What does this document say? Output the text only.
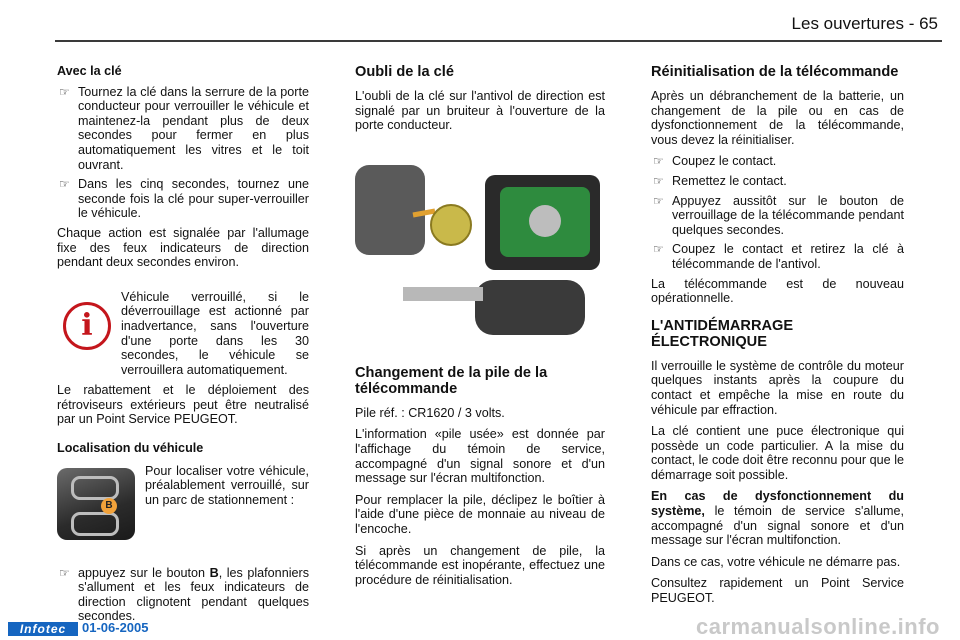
Les ouvertures - 65
Avec la clé
☞ Tournez la clé dans la serrure de la porte conducteur pour verrouiller le véhicule et maintenez-la pendant plus de deux secondes pour fermer en plus automatiquement les vitres et le toit ouvrant.
☞ Dans les cinq secondes, tournez une seconde fois la clé pour super-verrouiller le véhicule.

Chaque action est signalée par l'allumage fixe des feux indicateurs de direction pendant deux secondes environ.

i

Véhicule verrouillé, si le déverrouillage est actionné par inadvertance, sans l'ouverture d'une porte dans les 30 secondes, le véhicule se verrouillera automatiquement.

Le rabattement et le déploiement des rétroviseurs extérieurs peut être neutralisé par un Point Service PEUGEOT.

Localisation du véhicule
B

Pour localiser votre véhicule, préalablement verrouillé, sur un parc de stationnement :

☞ appuyez sur le bouton B, les plafonniers s'allument et les feux indicateurs de direction clignotent pendant quelques secondes.
Oubli de la clé

L'oubli de la clé sur l'antivol de direction est signalé par un bruiteur à l'ouverture de la porte conducteur.

Changement de la pile de la télécommande

Pile réf. : CR1620 / 3 volts.

L'information «pile usée» est donnée par l'affichage du témoin de service, accompagné d'un signal sonore et d'un message sur l'écran multifonction.

Pour remplacer la pile, déclipez le boîtier à l'aide d'une pièce de monnaie au niveau de l'encoche.

Si après un changement de pile, la télécommande est inopérante, effectuez une procédure de réinitialisation.

Réinitialisation de la télécommande

Après un débranchement de la batterie, un changement de la pile ou en cas de dysfonctionnement de la télécommande, vous devez la réinitialiser.

☞ Coupez le contact.
☞ Remettez le contact.
☞ Appuyez aussitôt sur le bouton de verrouillage de la télécommande pendant quelques secondes.
☞ Coupez le contact et retirez la clé à télécommande de l'antivol.

La télécommande est de nouveau opérationnelle.

L'ANTIDÉMARRAGE ÉLECTRONIQUE

Il verrouille le système de contrôle du moteur quelques instants après la coupure du contact et empêche la mise en route du véhicule par effraction.

La clé contient une puce électronique qui possède un code particulier. A la mise du contact, le code doit être reconnu pour que le démarrage soit possible.

En cas de dysfonctionnement du système, le témoin de service s'allume, accompagné d'un signal sonore et d'un message sur l'écran multifonction.

Dans ce cas, votre véhicule ne démarre pas.

Consultez rapidement un Point Service PEUGEOT.

Infotec	01-06-2005	carmanualsonline.info
